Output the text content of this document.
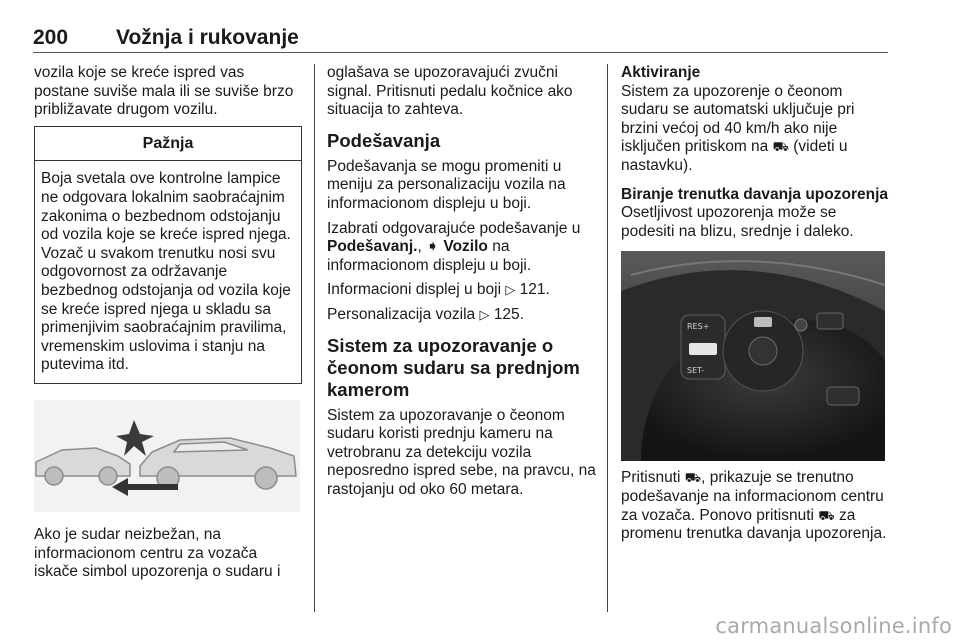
200 Vožnja i rukovanje

vozila koje se kreće ispred vas postane suviše mala ili se suviše brzo približavate drugom vozilu.

Pažnja
Boja svetala ove kontrolne lampice ne odgovara lokalnim saobraćajnim zakonima o bezbednom odstojanju od vozila koje se kreće ispred njega. Vozač u svakom trenutku nosi svu odgovornost za održavanje bezbednog odstojanja od vozila koje se kreće ispred njega u skladu sa primenjivim saobraćajnim pravilima, vremenskim uslovima i stanju na putevima itd.

Ako je sudar neizbežan, na informacionom centru za vozača iskače simbol upozorenja o sudaru i

oglašava se upozoravajući zvučni signal. Pritisnuti pedalu kočnice ako situacija to zahteva.

Podešavanja

Podešavanja se mogu promeniti u meniju za personalizaciju vozila na informacionom displeju u boji.

Izabrati odgovarajuće podešavanje u Podešavanj., ➧ Vozilo na informacionom displeju u boji.

Informacioni displej u boji ▷ 121.

Personalizacija vozila ▷ 125.

Sistem za upozoravanje o čeonom sudaru sa prednjom kamerom

Sistem za upozoravanje o čeonom sudaru koristi prednju kameru na vetrobranu za detekciju vozila neposredno ispred sebe, na pravcu, na rastojanju od oko 60 metara.

Aktiviranje

Sistem za upozorenje o čeonom sudaru se automatski uključuje pri brzini većoj od 40 km/h ako nije isključen pritiskom na ⛟ (videti u nastavku).

Biranje trenutka davanja upozorenja

Osetljivost upozorenja može se podesiti na blizu, srednje i daleko.

RES+
SET-

Pritisnuti ⛟, prikazuje se trenutno podešavanje na informacionom centru za vozača. Ponovo pritisnuti ⛟ za promenu trenutka davanja upozorenja.

carmanualsonline.info
